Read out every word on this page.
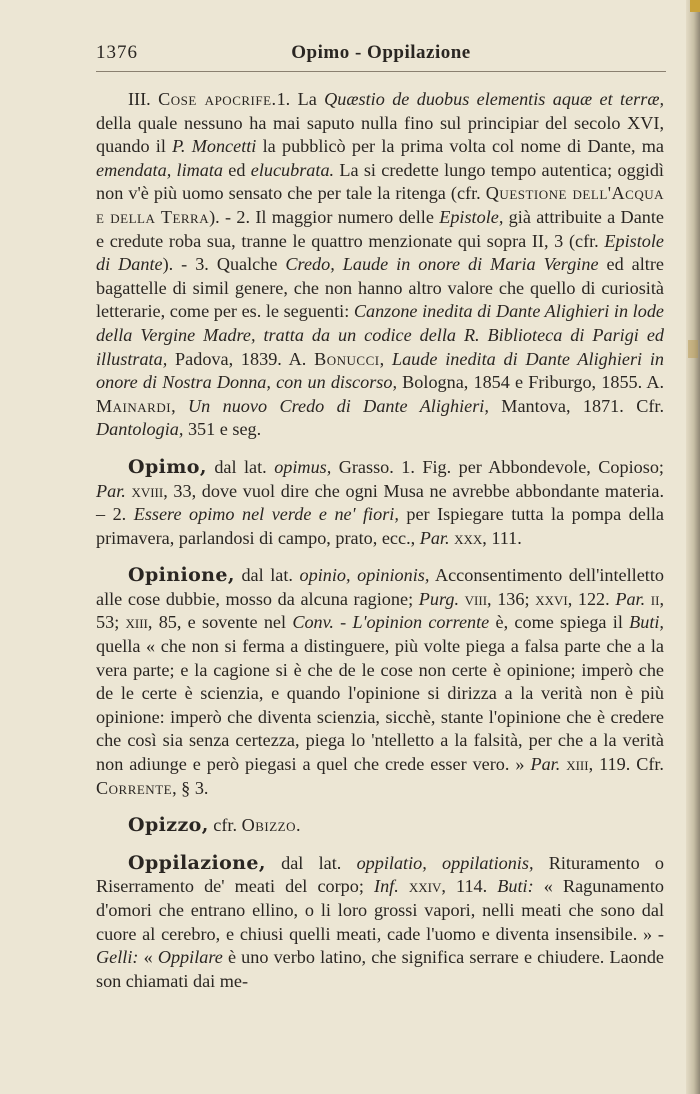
1376	Opimo - Oppilazione

III. Cose apocrife.1. La Quæstio de duobus elementis aquæ et terræ, della quale nessuno ha mai saputo nulla fino sul principiar del secolo XVI, quando il P. Moncetti la pubblicò per la prima volta col nome di Dante, ma emendata, limata ed elucubrata. La si credette lungo tempo autentica; oggidì non v'è più uomo sensato che per tale la ritenga (cfr. Questione dell'Acqua e della Terra). - 2. Il maggior numero delle Epistole, già attribuite a Dante e credute roba sua, tranne le quattro menzionate qui sopra II, 3 (cfr. Epistole di Dante). - 3. Qualche Credo, Laude in onore di Maria Vergine ed altre bagattelle di simil genere, che non hanno altro valore che quello di curiosità letterarie, come per es. le seguenti: Canzone inedita di Dante Alighieri in lode della Vergine Madre, tratta da un codice della R. Biblioteca di Parigi ed illustrata, Padova, 1839. A. Bonucci, Laude inedita di Dante Alighieri in onore di Nostra Donna, con un discorso, Bologna, 1854 e Friburgo, 1855. A. Mainardi, Un nuovo Credo di Dante Alighieri, Mantova, 1871. Cfr. Dantologia, 351 e seg.

Opimo, dal lat. opimus, Grasso. 1. Fig. per Abbondevole, Copioso; Par. xviii, 33, dove vuol dire che ogni Musa ne avrebbe abbondante materia. – 2. Essere opimo nel verde e ne' fiori, per Ispiegare tutta la pompa della primavera, parlandosi di campo, prato, ecc., Par. xxx, 111.

Opinione, dal lat. opinio, opinionis, Acconsentimento dell'intelletto alle cose dubbie, mosso da alcuna ragione; Purg. viii, 136; xxvi, 122. Par. ii, 53; xiii, 85, e sovente nel Conv. - L'opinion corrente è, come spiega il Buti, quella « che non si ferma a distinguere, più volte piega a falsa parte che a la vera parte; e la cagione si è che de le cose non certe è opinione; imperò che de le certe è scienzia, e quando l'opinione si dirizza a la verità non è più opinione: imperò che diventa scienzia, sicchè, stante l'opinione che è credere che così sia senza certezza, piega lo 'ntelletto a la falsità, per che a la verità non adiunge e però piegasi a quel che crede esser vero. » Par. xiii, 119. Cfr. Corrente, § 3.

Opizzo, cfr. Obizzo.

Oppilazione, dal lat. oppilatio, oppilationis, Rituramento o Riserramento de' meati del corpo; Inf. xxiv, 114. Buti: « Ragunamento d'omori che entrano ellino, o li loro grossi vapori, nelli meati che sono dal cuore al cerebro, e chiusi quelli meati, cade l'uomo e diventa insensibile. » - Gelli: « Oppilare è uno verbo latino, che significa serrare e chiudere. Laonde son chiamati dai me-
